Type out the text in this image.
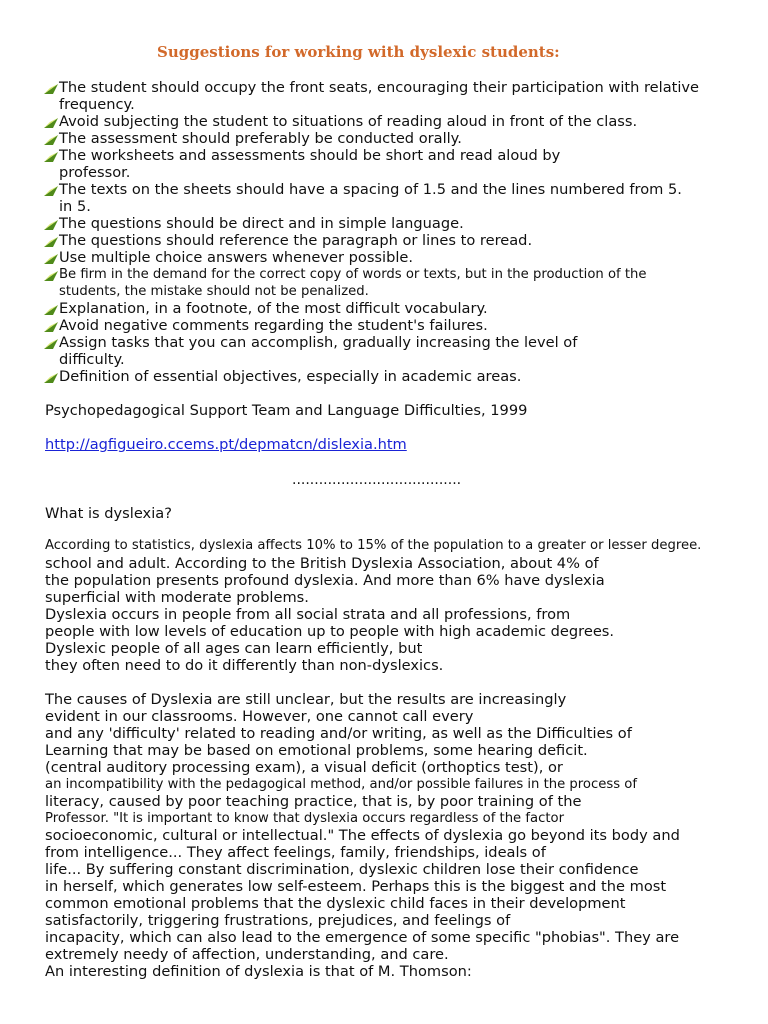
Suggestions for working with dyslexic students:
The student should occupy the front seats, encouraging their participation with relative
frequency.
Avoid subjecting the student to situations of reading aloud in front of the class.
The assessment should preferably be conducted orally.
The worksheets and assessments should be short and read aloud by
professor.
The texts on the sheets should have a spacing of 1.5 and the lines numbered from 5.
in 5.
The questions should be direct and in simple language.
The questions should reference the paragraph or lines to reread.
Use multiple choice answers whenever possible.
Be firm in the demand for the correct copy of words or texts, but in the production of the
students, the mistake should not be penalized.
Explanation, in a footnote, of the most difficult vocabulary.
Avoid negative comments regarding the student's failures.
Assign tasks that you can accomplish, gradually increasing the level of
difficulty.
Definition of essential objectives, especially in academic areas.
Psychopedagogical Support Team and Language Difficulties, 1999
http://agfigueiro.ccems.pt/depmatcn/dislexia.htm
......................................
What is dyslexia?
According to statistics, dyslexia affects 10% to 15% of the population to a greater or lesser degree.
school and adult. According to the British Dyslexia Association, about 4% of
the population presents profound dyslexia. And more than 6% have dyslexia
superficial with moderate problems.
Dyslexia occurs in people from all social strata and all professions, from
people with low levels of education up to people with high academic degrees.
Dyslexic people of all ages can learn efficiently, but
they often need to do it differently than non-dyslexics.
The causes of Dyslexia are still unclear, but the results are increasingly
evident in our classrooms. However, one cannot call every
and any 'difficulty' related to reading and/or writing, as well as the Difficulties of
Learning that may be based on emotional problems, some hearing deficit.
(central auditory processing exam), a visual deficit (orthoptics test), or
an incompatibility with the pedagogical method, and/or possible failures in the process of
literacy, caused by poor teaching practice, that is, by poor training of the
Professor. "It is important to know that dyslexia occurs regardless of the factor
socioeconomic, cultural or intellectual." The effects of dyslexia go beyond its body and
from intelligence... They affect feelings, family, friendships, ideals of
life... By suffering constant discrimination, dyslexic children lose their confidence
in herself, which generates low self-esteem. Perhaps this is the biggest and the most
common emotional problems that the dyslexic child faces in their development
satisfactorily, triggering frustrations, prejudices, and feelings of
incapacity, which can also lead to the emergence of some specific "phobias". They are
extremely needy of affection, understanding, and care.
An interesting definition of dyslexia is that of M. Thomson:
